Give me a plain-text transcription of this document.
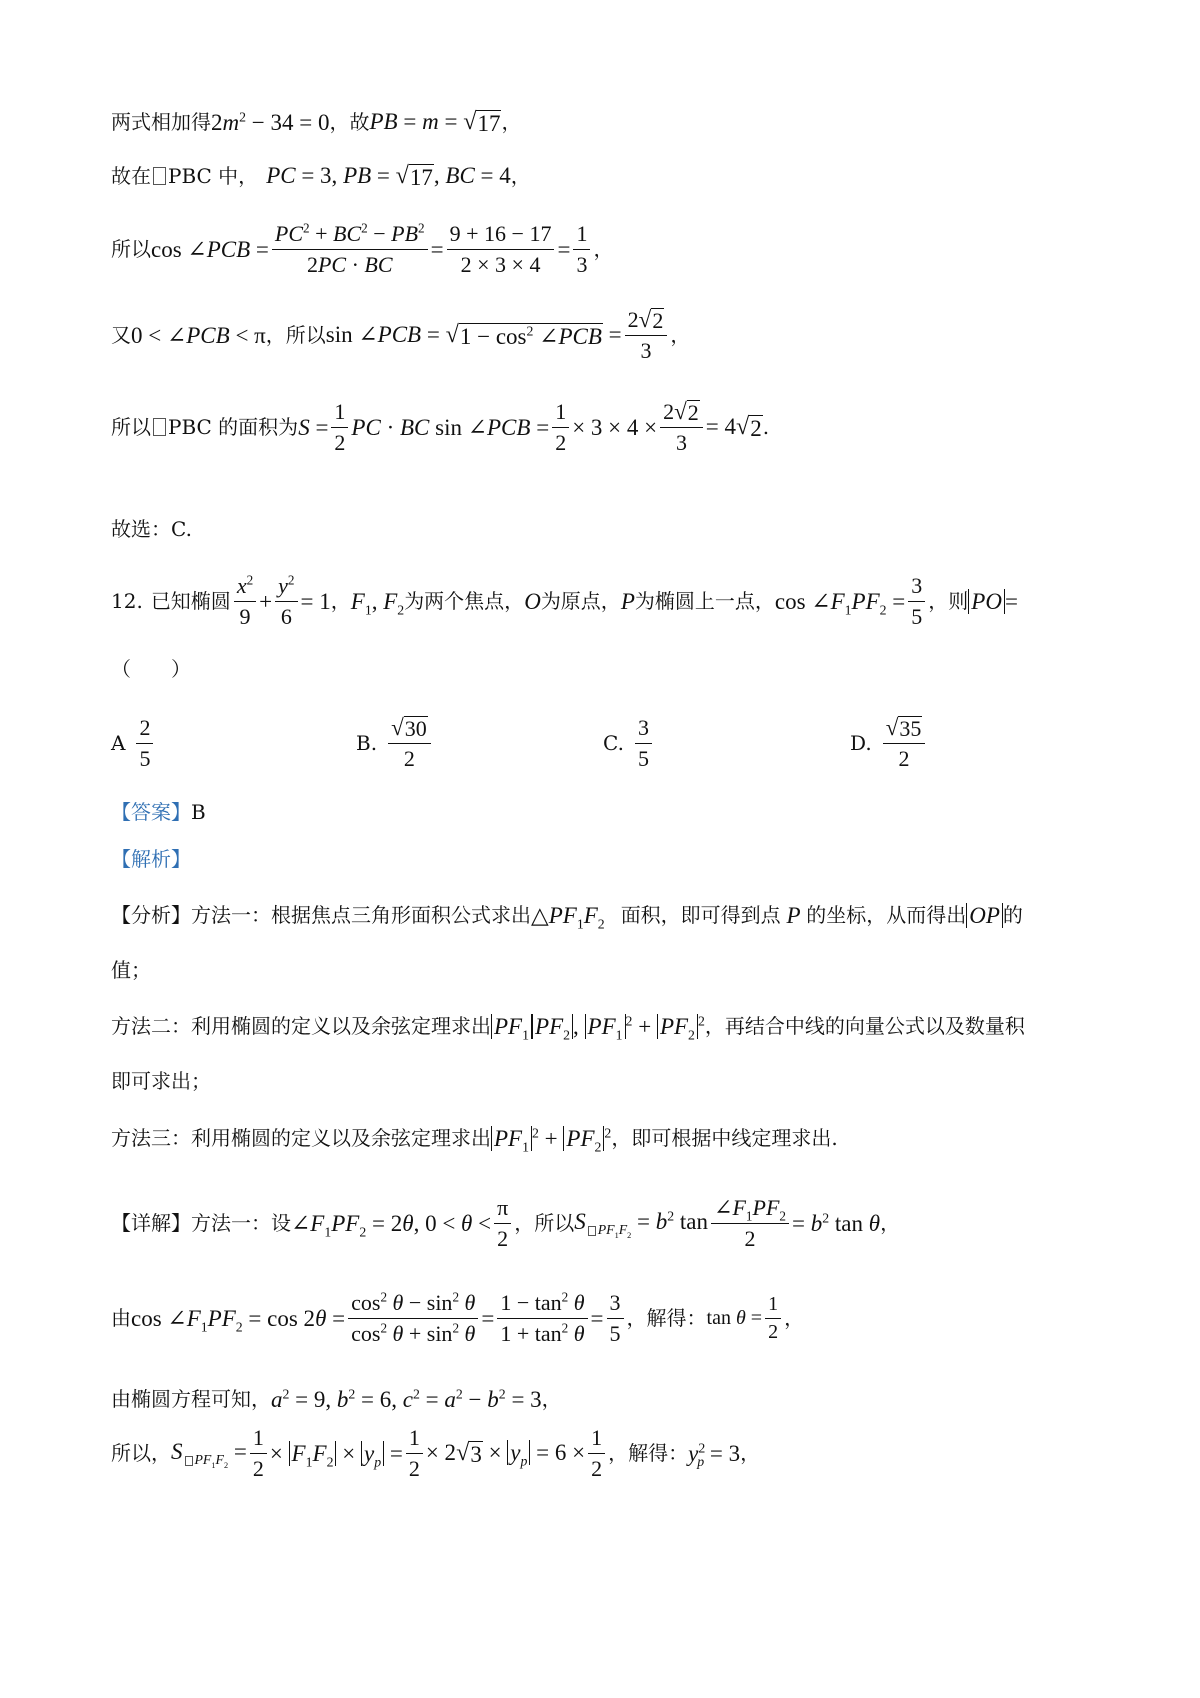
两式相加得 $2m^2 - 34 = 0$ ，故 PB = m = √ 17 ，
故在 PBC 中， PC = 3, PB = √ 17 , BC = 4 ，
所以 cos ∠PCB = $\frac{PC^2 + BC^2 - PB^2}{2PC \cdot BC} = \frac{9 + 16 - 17}{2 \times 3 \times 4} = \frac{1}{3}$ ，
又 0 < ∠PCB < π ，所以 sin ∠PCB = √ $1 - \cos^2$ ∠PCB = $\frac{2 √ 2}{3}$ ，
所以 PBC 的面积为 $S = \frac{1}{2}$ PC · BC sin ∠PCB = $\frac{1}{2} \times 3 \times 4 \times \frac{2 √ 2}{3} = 4$ √ 2 .
故选：C.
12. 已知椭圆 $\frac{x^2}{9} + \frac{y^2}{6} = 1$ ， $F_1$, $F_2$ 为两个焦点， O 为原点， P 为椭圆上一点， $\cos \angle F_1PF_2 = \frac{3}{5}$ ，则 PO =
（　　）
A $\frac{2}{5}$	B. $\frac{√ 30}{2}$	C. $\frac{3}{5}$	D. $\frac{√ 35}{2}$
【答案】 B
【解析】
【分析】 方法一：根据焦点三角形面积公式求出 $\triangle PF_1F_2$ 面积，即可得到点 P 的坐标，从而得出 OP 的
值；
方法二：利用椭圆的定义以及余弦定理求出 $PF_1$ $PF_2$ , $PF_1^2 + PF_2^2$ ，再结合中线的向量公式以及数量积
即可求出；
方法三：利用椭圆的定义以及余弦定理求出 $PF_1^2 + PF_2^2$ ，即可根据中线定理求出.
【详解】 方法一：设 $\angle F_1PF_2 = 2\theta$, $0 < \theta < \frac{\pi}{2}$ ，所以 S $_{PF_1F_2} = b^2$ $\tan \frac{\angle F_1PF_2}{2} = b^2$ tan θ ，
由 $\cos \angle F_1PF_2 = \cos 2\theta = \frac{\cos^2 \theta - \sin^2 \theta}{\cos^2 \theta + \sin^2 \theta} = \frac{1 - \tan^2 \theta}{1 + \tan^2 \theta} = \frac{3}{5}$ ，解得： $\tan \theta = \frac{1}{2}$ ，
由椭圆方程可知， $a^2 = 9$, $b^2 = 6$, $c^2 = a^2 - b^2 = 3$ ，
所以， S $_{PF_1F_2} = \frac{1}{2} \times F_1F_2 \times y_p = \frac{1}{2} \times 2$ √ $3 \times y_p = 6 \times \frac{1}{2}$ ，解得： $y^2_p = 3$ ，
